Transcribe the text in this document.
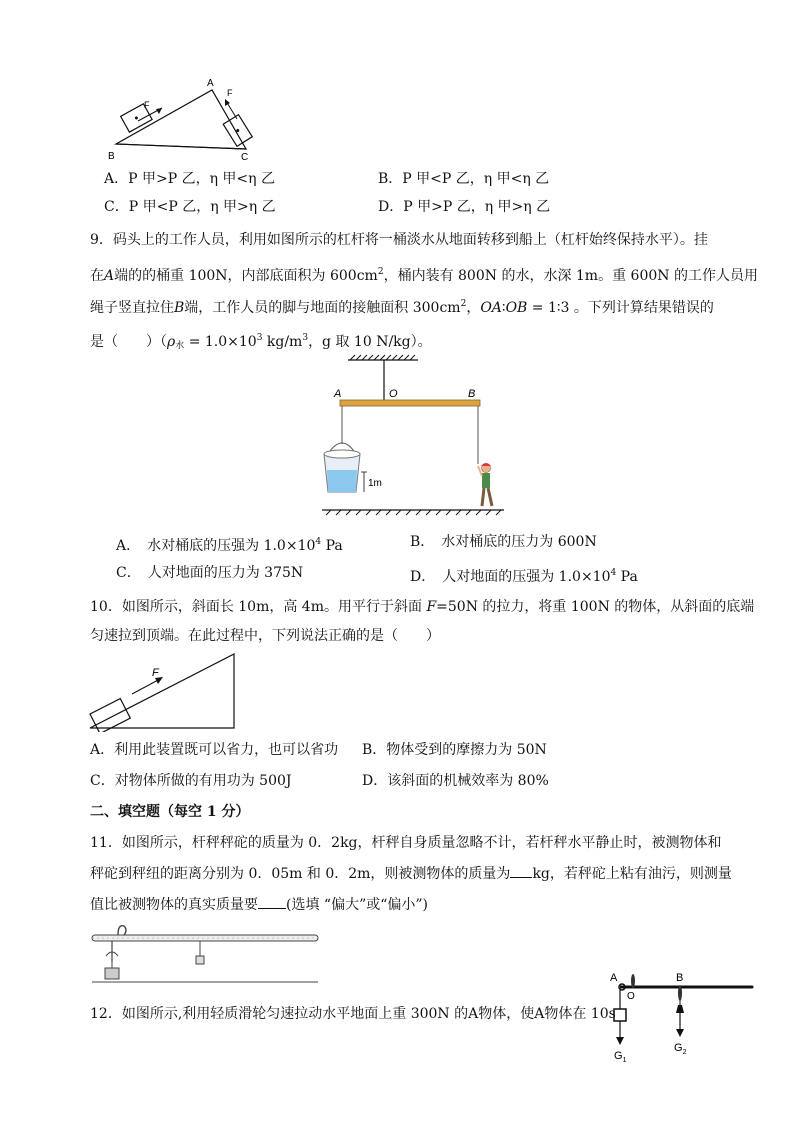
A
B	C
F
F
A．P 甲>P 乙，η 甲<η 乙	B．P 甲<P 乙，η 甲<η 乙
C．P 甲<P 乙，η 甲>η 乙	D．P 甲>P 乙，η 甲>η 乙
9．码头上的工作人员，利用如图所示的杠杆将一桶淡水从地面转移到船上（杠杆始终保持水平）。挂
在A端的的桶重 100N，内部底面积为 $600cm^2$，桶内装有 800N 的水，水深 1m。重 600N 的工作人员用
绳子竖直拉住B端，工作人员的脚与地面的接触面积 $300cm^2$，OA∶OB = 1∶3 。下列计算结果错误的
是（　　）（$\rho_水 = 1.0\times 10^3$ $kg/m^3$，g 取 10 N/kg）。
1m
A	O	B
A．　 水对桶底的压强为 $1.0\times 10^4$ Pa	B．　 水对桶底的压力为 600N
C．　 人对地面的压力为 375N	D．　 人对地面的压强为 $1.0\times 10^4$ Pa
10．如图所示，斜面长 10m，高 4m。用平行于斜面 F=50N 的拉力，将重 100N 的物体，从斜面的底端
匀速拉到顶端。在此过程中，下列说法正确的是（　　）
F
A．利用此装置既可以省力，也可以省功 B．物体受到的摩擦力为 50N
C．对物体所做的有用功为 500J	D．该斜面的机械效率为 80%
二、填空题（每空 1 分）
11．如图所示，杆秤秤砣的质量为 0．2kg，杆秤自身质量忽略不计，若杆秤水平静止时，被测物体和
秤砣到秤纽的距离分别为 0．05m 和 0．2m，则被测物体的质量为 kg，若秤砣上粘有油污，则测量
值比被测物体的真实质量要 (选填 “偏大”或“偏小”)
A
O
B
$G_1$
$G_2$
12．如图所示,利用轻质滑轮匀速拉动水平地面上重 300N 的A物体，使A物体在 10s
